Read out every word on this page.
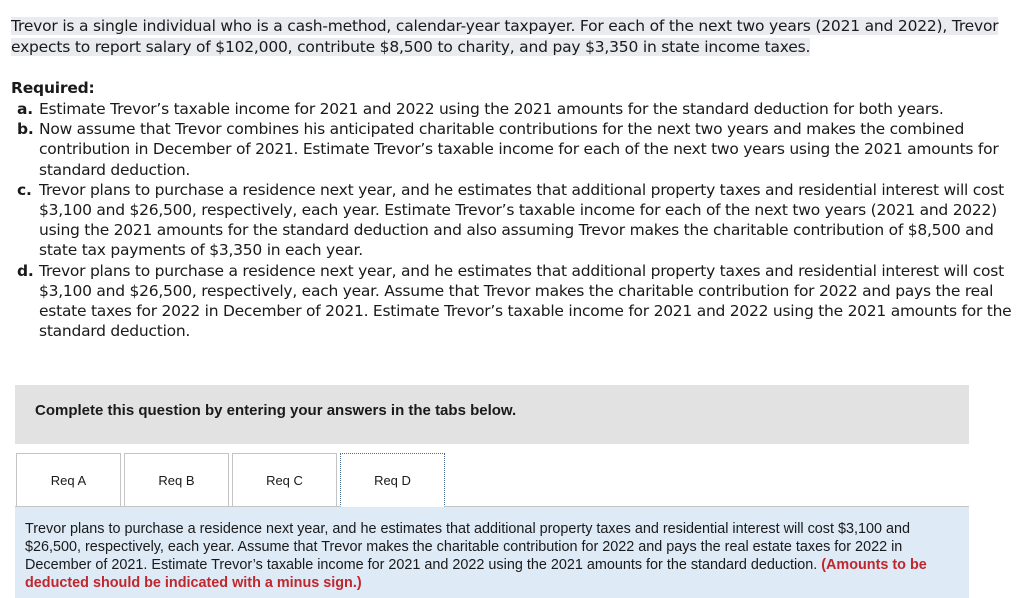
Trevor is a single individual who is a cash-method, calendar-year taxpayer. For each of the next two years (2021 and 2022), Trevor
expects to report salary of $102,000, contribute $8,500 to charity, and pay $3,350 in state income taxes.
Required:
a. Estimate Trevor’s taxable income for 2021 and 2022 using the 2021 amounts for the standard deduction for both years.
b. Now assume that Trevor combines his anticipated charitable contributions for the next two years and makes the combined
contribution in December of 2021. Estimate Trevor’s taxable income for each of the next two years using the 2021 amounts for
standard deduction.
c. Trevor plans to purchase a residence next year, and he estimates that additional property taxes and residential interest will cost
$3,100 and $26,500, respectively, each year. Estimate Trevor’s taxable income for each of the next two years (2021 and 2022)
using the 2021 amounts for the standard deduction and also assuming Trevor makes the charitable contribution of $8,500 and
state tax payments of $3,350 in each year.
d. Trevor plans to purchase a residence next year, and he estimates that additional property taxes and residential interest will cost
$3,100 and $26,500, respectively, each year. Assume that Trevor makes the charitable contribution for 2022 and pays the real
estate taxes for 2022 in December of 2021. Estimate Trevor’s taxable income for 2021 and 2022 using the 2021 amounts for the
standard deduction.
Complete this question by entering your answers in the tabs below.
Req A	Req B	Req C	Req D
Trevor plans to purchase a residence next year, and he estimates that additional property taxes and residential interest will cost $3,100 and $26,500, respectively, each year. Assume that Trevor makes the charitable contribution for 2022 and pays the real estate taxes for 2022 in December of 2021. Estimate Trevor’s taxable income for 2021 and 2022 using the 2021 amounts for the standard deduction. (Amounts to be deducted should be indicated with a minus sign.)
